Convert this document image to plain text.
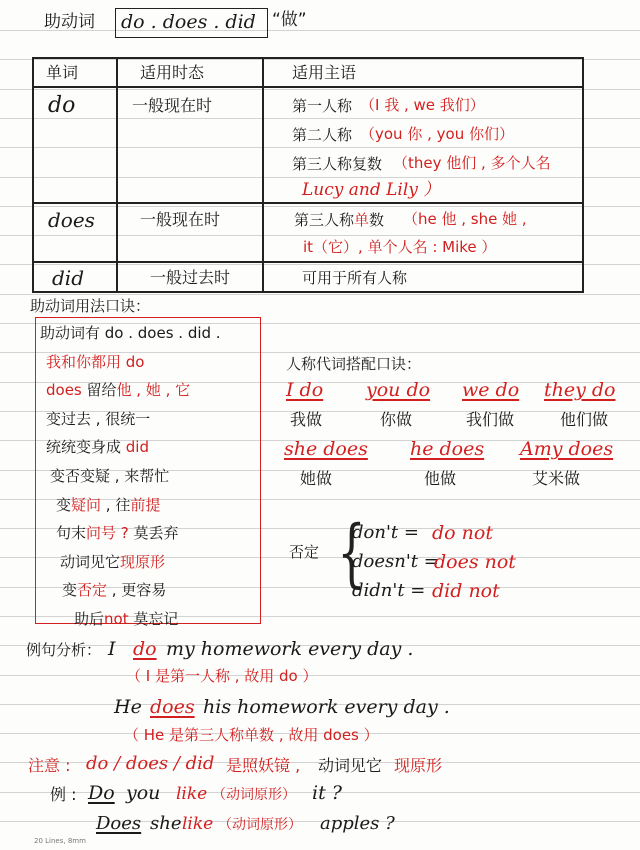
助动词 do . does . did “做”
单词	适用时态	适用主语
do	一般现在时	第一人称 （I 我 , we 我们）
第二人称 （you 你 , you 你们）
第三人称复数 （they 他们 , 多个人名
Lucy and Lily ）
does	一般现在时	第三人称单数 （he 他 , she 她 ,
it（它）, 单个人名 : Mike ）
did	一般过去时	可用于所有人称
助动词用法口诀：
助动词有 do . does . did .
我和你都用 do
does 留给他 , 她 , 它
变过去 , 很统一
统统变身成 did
变否变疑 , 来帮忙
变疑问 , 往前提
句末问号 ? 莫丢弃
动词见它现原形
变否定 , 更容易
助后not 莫忘记
人称代词搭配口诀：
I do you do we do they do
我做	你做	我们做	他们做
she does he does Amy does
她做	他做	艾米做
否定 {
don't = do not
doesn't =
does not
didn't = did not
例句分析： I do my homework every day .
（ I 是第一人称 , 故用 do ）
He does his homework every day .
（ He 是第三人称单数 , 故用 does ）
注意 : do / does / did 是照妖镜 , 动词见它 现原形
例 : Do you like （动词原形） it ?
Does she like （动词原形） apples ?
20 Lines, 8mm
